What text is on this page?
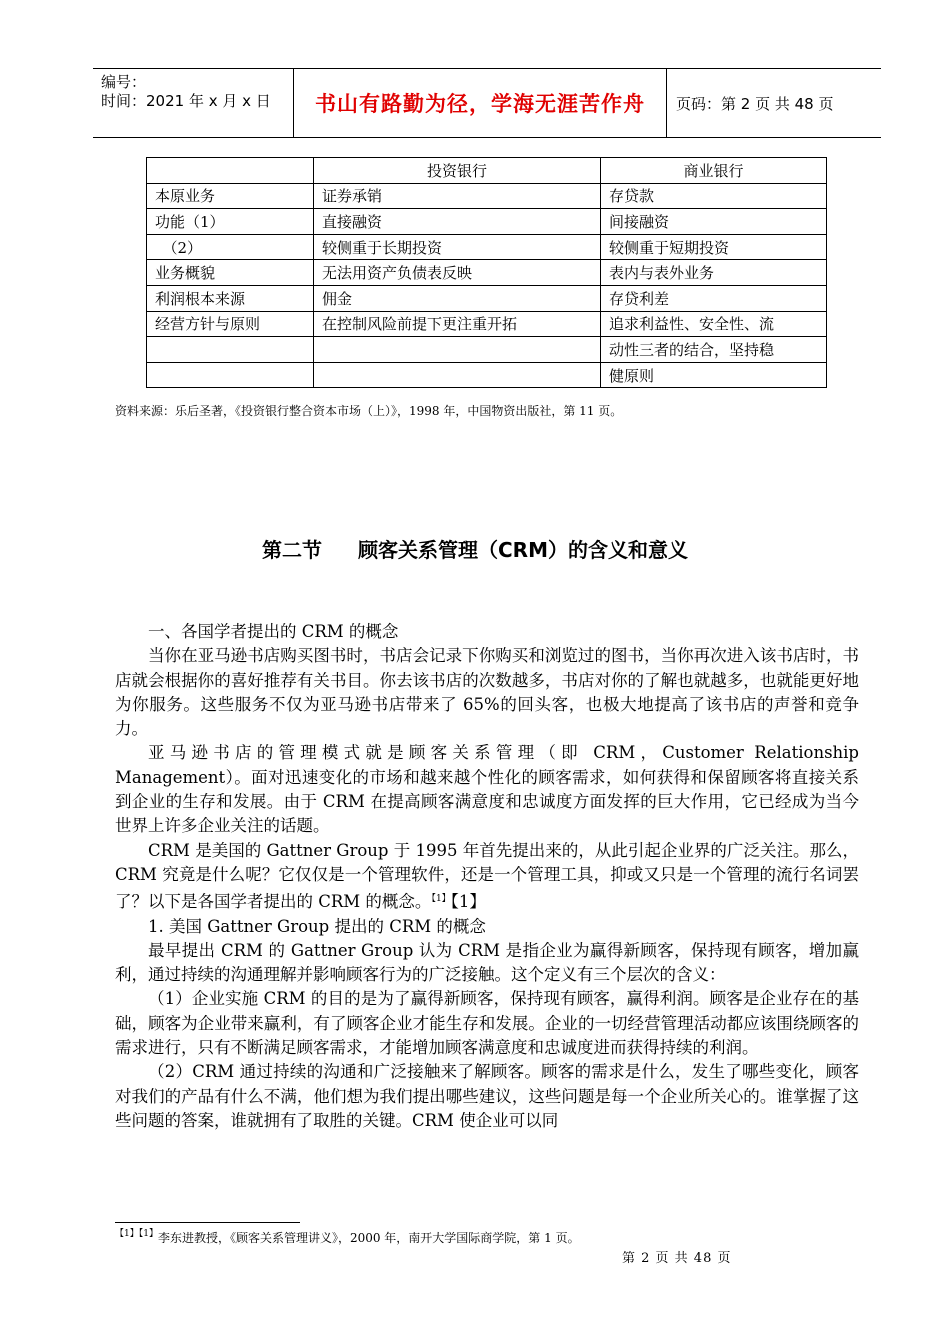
编号：
时间：2021 年 x 月 x 日 书山有路勤为径，学海无涯苦作舟 页码：第 2 页 共 48 页
	投资银行	商业银行
本原业务	证券承销	存贷款
功能（1）	直接融资	间接融资
　（2）	较侧重于长期投资	较侧重于短期投资
业务概貌	无法用资产负债表反映	表内与表外业务
利润根本来源	佣金	存贷利差
经营方针与原则	在控制风险前提下更注重开拓	追求利益性、安全性、流
		动性三者的结合，坚持稳
		健原则
资料来源：乐后圣著，《投资银行整合资本市场（上）》，1998 年，中国物资出版社，第 11 页。
第二节 顾客关系管理（CRM）的含义和意义

一、各国学者提出的 CRM 的概念

当你在亚马逊书店购买图书时，书店会记录下你购买和浏览过的图书，当你再次进入该书店时，书店就会根据你的喜好推荐有关书目。你去该书店的次数越多，书店对你的了解也就越多，也就能更好地为你服务。这些服务不仅为亚马逊书店带来了 65%的回头客，也极大地提高了该书店的声誉和竞争力。

亚马逊书店的管理模式就是顾客关系管理（即 CRM，Customer Relationship Management）。面对迅速变化的市场和越来越个性化的顾客需求，如何获得和保留顾客将直接关系到企业的生存和发展。由于 CRM 在提高顾客满意度和忠诚度方面发挥的巨大作用，它已经成为当今世界上许多企业关注的话题。

CRM 是美国的 Gattner Group 于 1995 年首先提出来的，从此引起企业界的广泛关注。那么，CRM 究竟是什么呢？它仅仅是一个管理软件，还是一个管理工具，抑或又只是一个管理的流行名词罢了？以下是各国学者提出的 CRM 的概念。$^{【1】}$【1】

1. 美国 Gattner Group 提出的 CRM 的概念

最早提出 CRM 的 Gattner Group 认为 CRM 是指企业为赢得新顾客，保持现有顾客，增加赢利，通过持续的沟通理解并影响顾客行为的广泛接触。这个定义有三个层次的含义：

（1）企业实施 CRM 的目的是为了赢得新顾客，保持现有顾客，赢得利润。顾客是企业存在的基础，顾客为企业带来赢利，有了顾客企业才能生存和发展。企业的一切经营管理活动都应该围绕顾客的需求进行，只有不断满足顾客需求，才能增加顾客满意度和忠诚度进而获得持续的利润。

（2）CRM 通过持续的沟通和广泛接触来了解顾客。顾客的需求是什么，发生了哪些变化，顾客对我们的产品有什么不满，他们想为我们提出哪些建议，这些问题是每一个企业所关心的。谁掌握了这些问题的答案，谁就拥有了取胜的关键。CRM 使企业可以同

$^{【1】【1】}$李东进教授，《顾客关系管理讲义》，2000 年，南开大学国际商学院，第 1 页。
第 2 页 共 48 页
